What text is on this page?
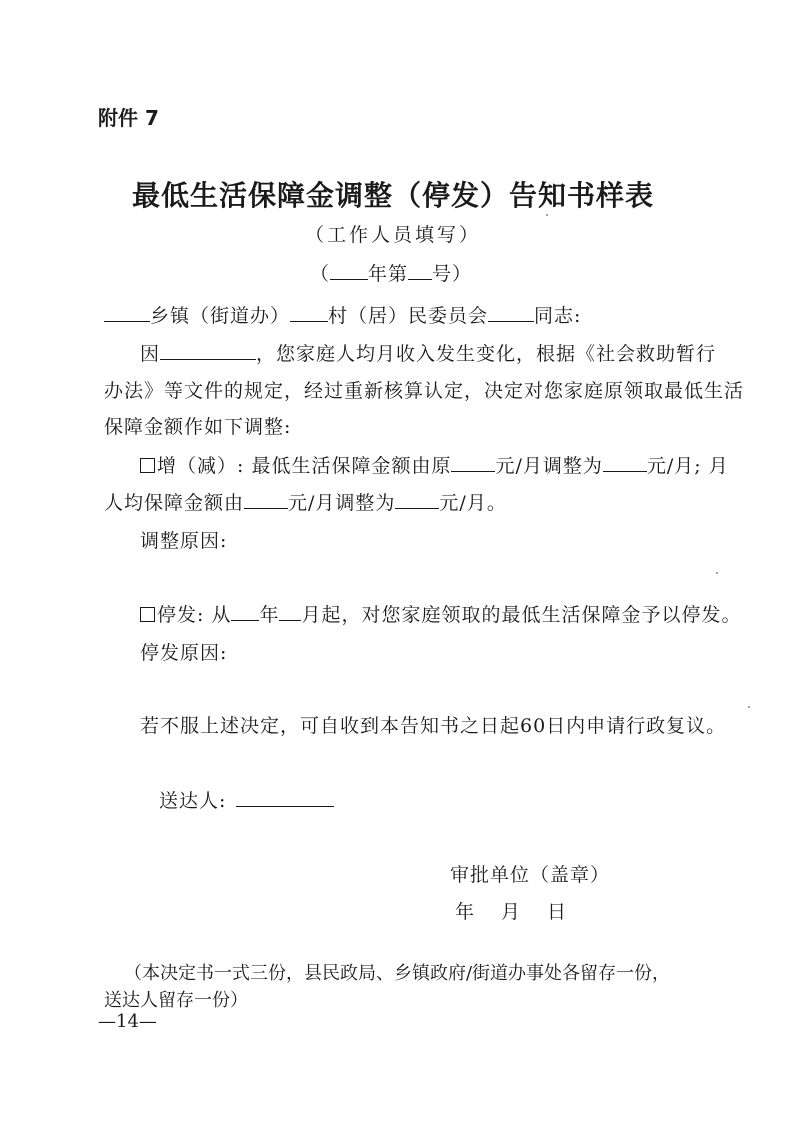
附件 7
最低生活保障金调整（停发）告知书样表
（工作人员填写）
（ 年第 号）
乡镇（街道办） 村（居）民委员会 同志:
因	，您家庭人均月收入发生变化，根据《社会救助暂行
办法》等文件的规定，经过重新核算认定，决定对您家庭原领取最低生活
保障金额作如下调整:
增（减）: 最低生活保障金额由原 元/月调整为 元/月; 月
人均保障金额由 元/月调整为 元/月。
调整原因:
停发: 从 年 月起，对您家庭领取的最低生活保障金予以停发。
停发原因:
若不服上述决定，可自收到本告知书之日起60日内申请行政复议。
送达人:
审批单位（盖章）
年 月 日
（本决定书一式三份，县民政局、乡镇政府/街道办事处各留存一份，
送达人留存一份）
—14—
